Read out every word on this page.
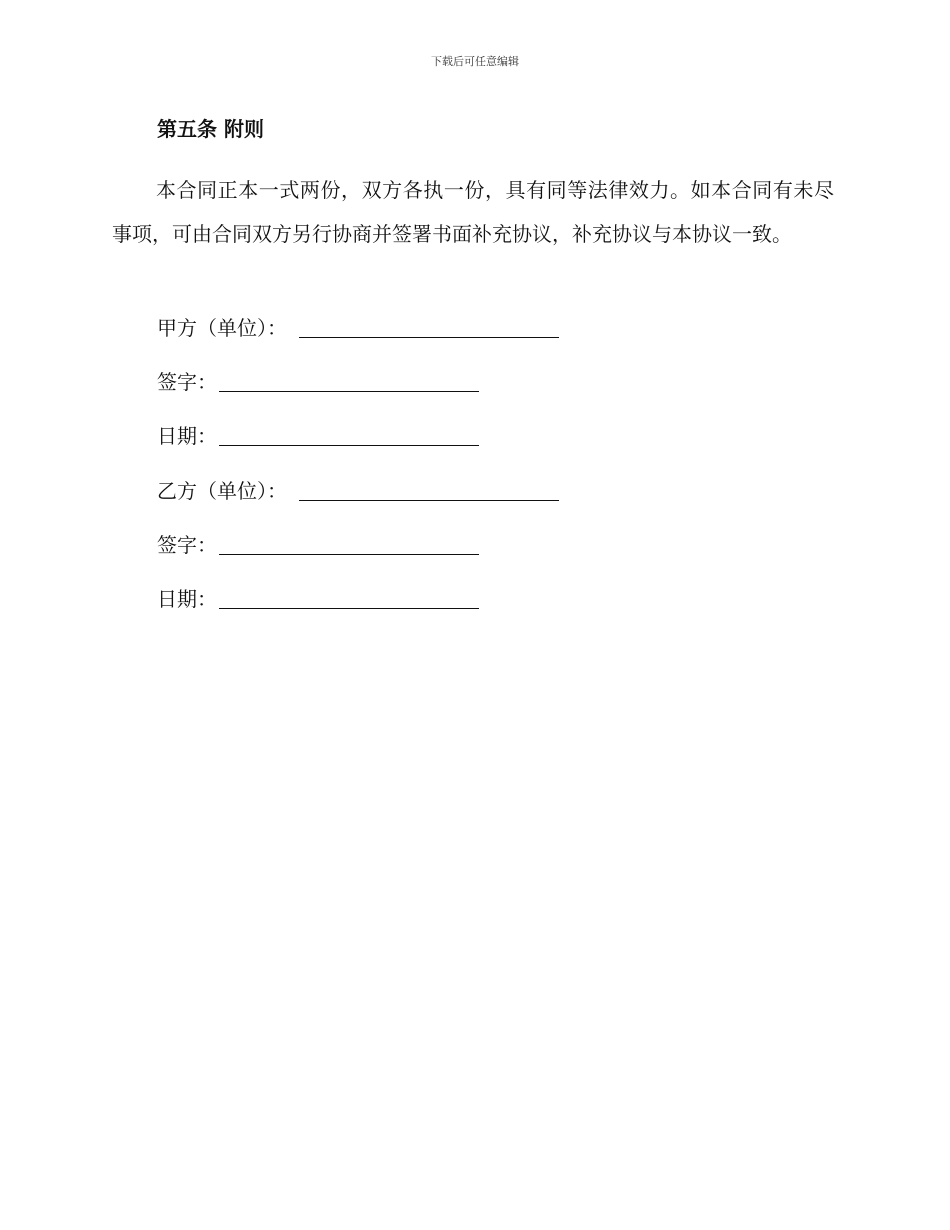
下载后可任意编辑
第五条 附则

本合同正本一式两份，双方各执一份，具有同等法律效力。如本合同有未尽事项，可由合同双方另行协商并签署书面补充协议，补充协议与本协议一致。

甲方（单位）：
签字：
日期：
乙方（单位）：
签字：
日期：
